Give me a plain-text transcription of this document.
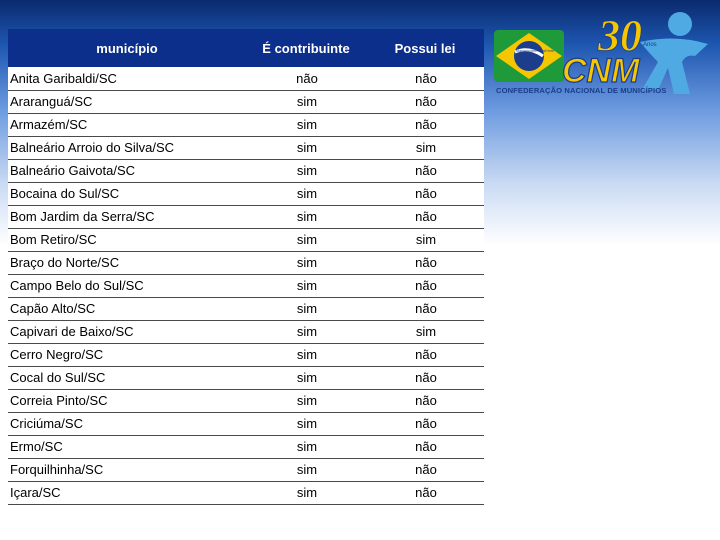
30 Anos
Município forte, Brasil forte
CNM
CONFEDERAÇÃO NACIONAL DE MUNICÍPIOS
município	É contribuinte	Possui lei
Anita Garibaldi/SC	não	não
Araranguá/SC	sim	não
Armazém/SC	sim	não
Balneário Arroio do Silva/SC	sim	sim
Balneário Gaivota/SC	sim	não
Bocaina do Sul/SC	sim	não
Bom Jardim da Serra/SC	sim	não
Bom Retiro/SC	sim	sim
Braço do Norte/SC	sim	não
Campo Belo do Sul/SC	sim	não
Capão Alto/SC	sim	não
Capivari de Baixo/SC	sim	sim
Cerro Negro/SC	sim	não
Cocal do Sul/SC	sim	não
Correia Pinto/SC	sim	não
Criciúma/SC	sim	não
Ermo/SC	sim	não
Forquilhinha/SC	sim	não
Içara/SC	sim	não
